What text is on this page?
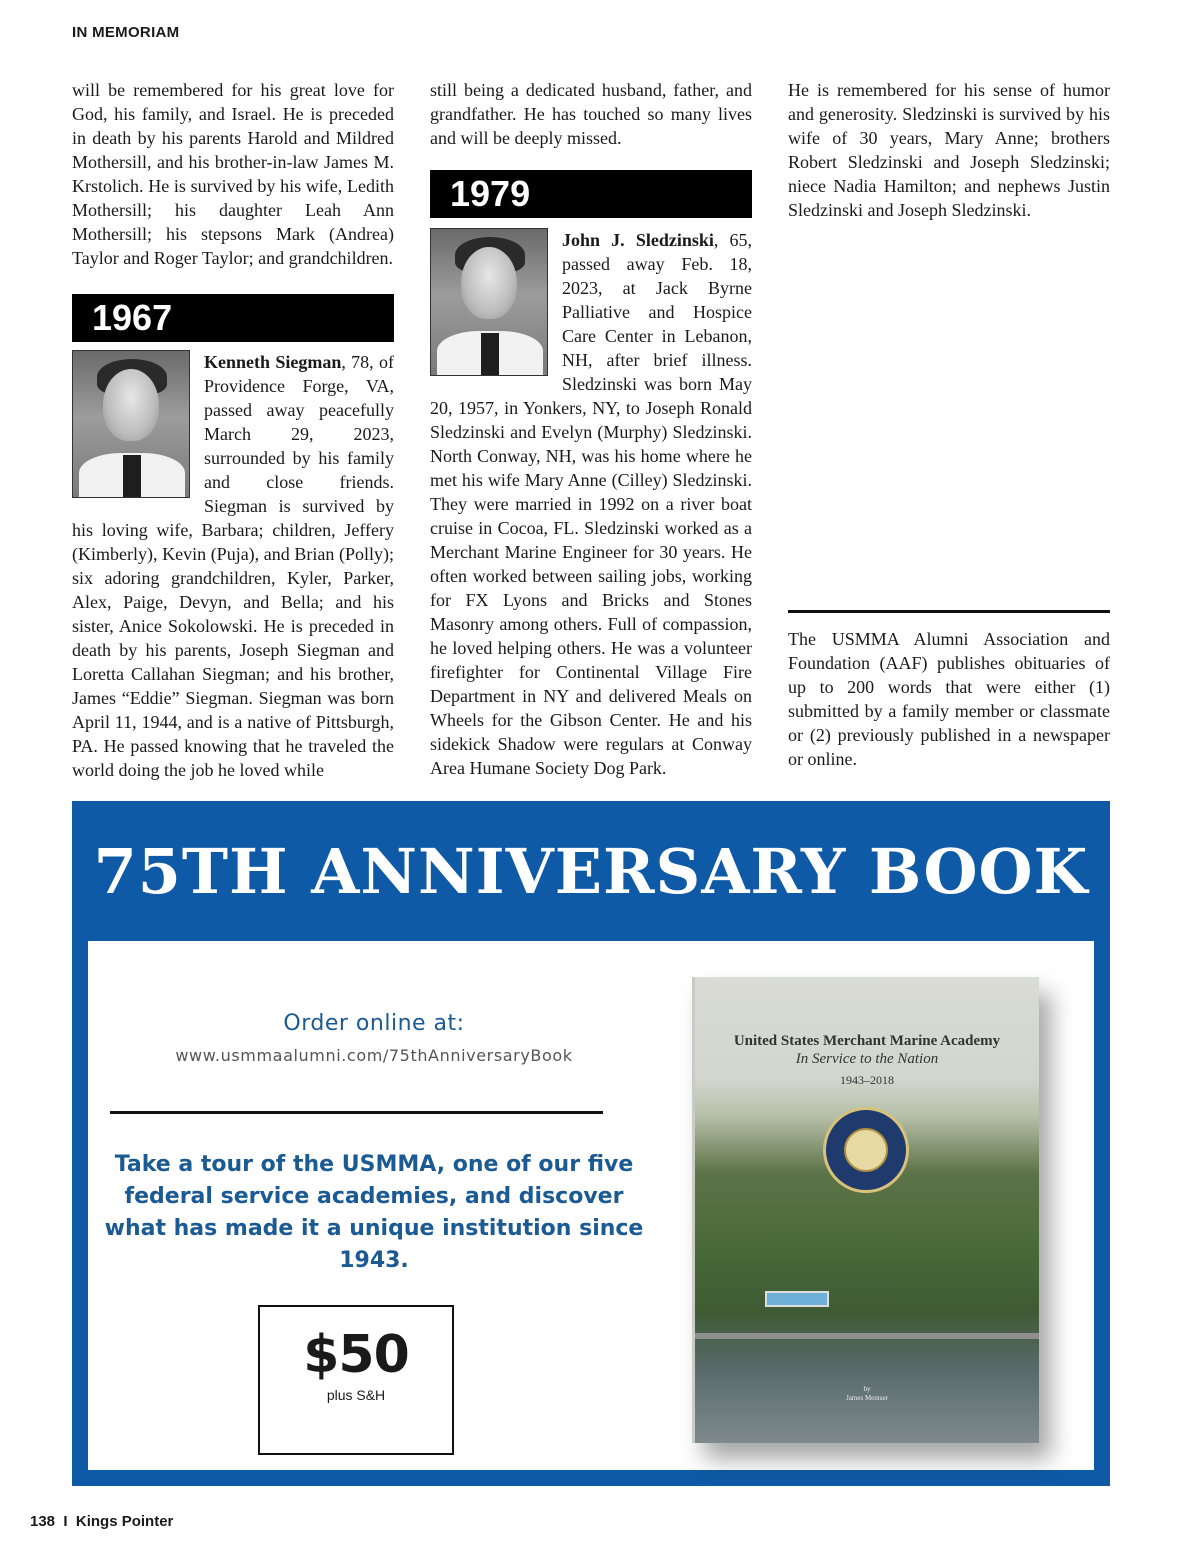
IN MEMORIAM

will be remembered for his great love for God, his family, and Israel. He is preceded in death by his parents Harold and Mildred Mothersill, and his brother-in-law James M. Krstolich. He is survived by his wife, Ledith Mothersill; his daughter Leah Ann Mothersill; his stepsons Mark (Andrea) Taylor and Roger Taylor; and grandchildren.

1967

Kenneth Siegman, 78, of Providence Forge, VA, passed away peacefully March 29, 2023, surrounded by his family and close friends. Siegman is survived by his loving wife, Barbara; children, Jeffery (Kimberly), Kevin (Puja), and Brian (Polly); six adoring grandchildren, Kyler, Parker, Alex, Paige, Devyn, and Bella; and his sister, Anice Sokolowski. He is preceded in death by his parents, Joseph Siegman and Loretta Callahan Siegman; and his brother, James “Eddie” Siegman. Siegman was born April 11, 1944, and is a native of Pittsburgh, PA. He passed knowing that he traveled the world doing the job he loved while

still being a dedicated husband, father, and grandfather. He has touched so many lives and will be deeply missed.

1979

John J. Sledzinski, 65, passed away Feb. 18, 2023, at Jack Byrne Palliative and Hospice Care Center in Lebanon, NH, after brief illness. Sledzinski was born May 20, 1957, in Yonkers, NY, to Joseph Ronald Sledzinski and Evelyn (Murphy) Sledzinski. North Conway, NH, was his home where he met his wife Mary Anne (Cilley) Sledzinski. They were married in 1992 on a river boat cruise in Cocoa, FL. Sledzinski worked as a Merchant Marine Engineer for 30 years. He often worked between sailing jobs, working for FX Lyons and Bricks and Stones Masonry among others. Full of compassion, he loved helping others. He was a volunteer firefighter for Continental Village Fire Department in NY and delivered Meals on Wheels for the Gibson Center. He and his sidekick Shadow were regulars at Conway Area Humane Society Dog Park.

He is remembered for his sense of humor and generosity. Sledzinski is survived by his wife of 30 years, Mary Anne; brothers Robert Sledzinski and Joseph Sledzinski; niece Nadia Hamilton; and nephews Justin Sledzinski and Joseph Sledzinski.

The USMMA Alumni Association and Foundation (AAF) publishes obituaries of up to 200 words that were either (1) submitted by a family member or classmate or (2) previously published in a newspaper or online.

75TH ANNIVERSARY BOOK
Order online at:
www.usmmaalumni.com/75thAnniversaryBook
Take a tour of the USMMA, one of our five federal service academies, and discover what has made it a unique institution since 1943.
$50
plus S&H
United States Merchant Marine Academy
In Service to the Nation
1943–2018
by
James Mentser
138  I  Kings Pointer
